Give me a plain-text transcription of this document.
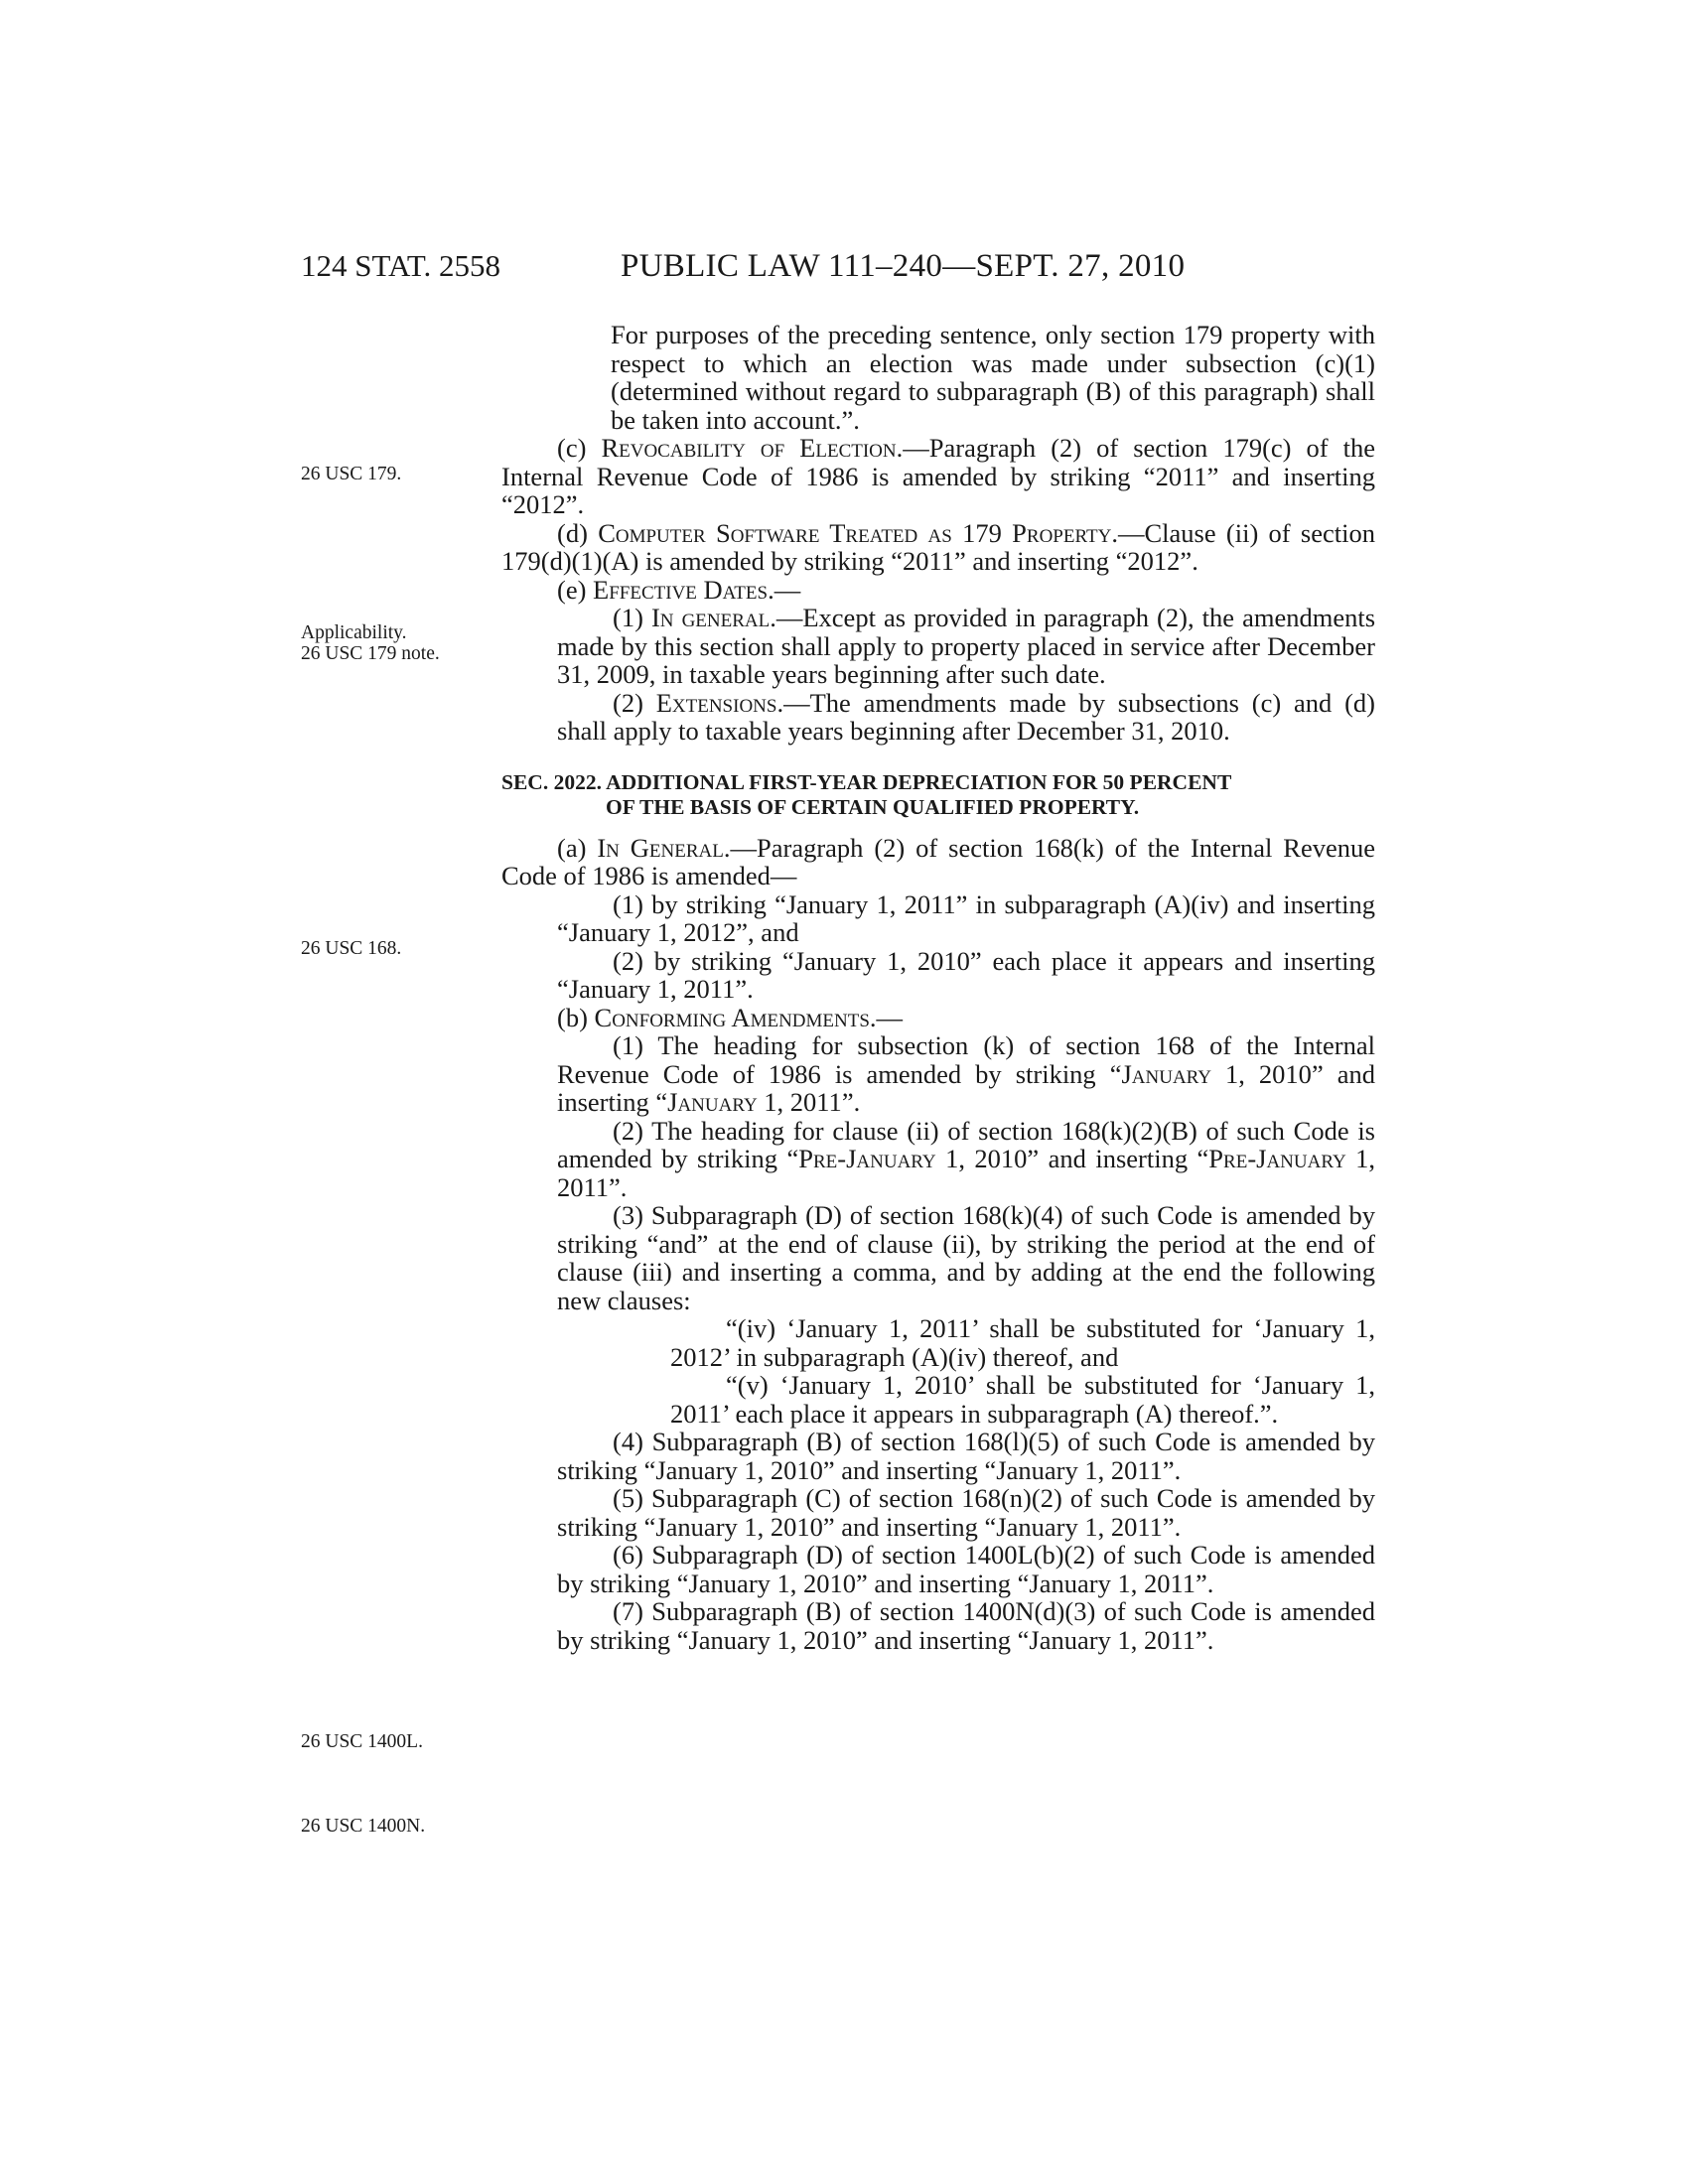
124 STAT. 2558	PUBLIC LAW 111–240—SEPT. 27, 2010
26 USC 179.
Applicability.
26 USC 179 note.
26 USC 168.
26 USC 1400L.
26 USC 1400N.

For purposes of the preceding sentence, only section 179 property with respect to which an election was made under subsection (c)(1) (determined without regard to subparagraph (B) of this paragraph) shall be taken into account.”.

(c) Revocability of Election.—Paragraph (2) of section 179(c) of the Internal Revenue Code of 1986 is amended by striking “2011” and inserting “2012”.

(d) Computer Software Treated as 179 Property.—Clause (ii) of section 179(d)(1)(A) is amended by striking “2011” and inserting “2012”.

(e) Effective Dates.—

(1) In general.—Except as provided in paragraph (2), the amendments made by this section shall apply to property placed in service after December 31, 2009, in taxable years beginning after such date.

(2) Extensions.—The amendments made by subsections (c) and (d) shall apply to taxable years beginning after December 31, 2010.

SEC. 2022. ADDITIONAL FIRST-YEAR DEPRECIATION FOR 50 PERCENT
OF THE BASIS OF CERTAIN QUALIFIED PROPERTY.

(a) In General.—Paragraph (2) of section 168(k) of the Internal Revenue Code of 1986 is amended—

(1) by striking “January 1, 2011” in subparagraph (A)(iv) and inserting “January 1, 2012”, and

(2) by striking “January 1, 2010” each place it appears and inserting “January 1, 2011”.

(b) Conforming Amendments.—

(1) The heading for subsection (k) of section 168 of the Internal Revenue Code of 1986 is amended by striking “January 1, 2010” and inserting “January 1, 2011”.

(2) The heading for clause (ii) of section 168(k)(2)(B) of such Code is amended by striking “Pre-January 1, 2010” and inserting “Pre-January 1, 2011”.

(3) Subparagraph (D) of section 168(k)(4) of such Code is amended by striking “and” at the end of clause (ii), by striking the period at the end of clause (iii) and inserting a comma, and by adding at the end the following new clauses:

“(iv) ‘January 1, 2011’ shall be substituted for ‘January 1, 2012’ in subparagraph (A)(iv) thereof, and

“(v) ‘January 1, 2010’ shall be substituted for ‘January 1, 2011’ each place it appears in subparagraph (A) thereof.”.

(4) Subparagraph (B) of section 168(l)(5) of such Code is amended by striking “January 1, 2010” and inserting “January 1, 2011”.

(5) Subparagraph (C) of section 168(n)(2) of such Code is amended by striking “January 1, 2010” and inserting “January 1, 2011”.

(6) Subparagraph (D) of section 1400L(b)(2) of such Code is amended by striking “January 1, 2010” and inserting “January 1, 2011”.

(7) Subparagraph (B) of section 1400N(d)(3) of such Code is amended by striking “January 1, 2010” and inserting “January 1, 2011”.
